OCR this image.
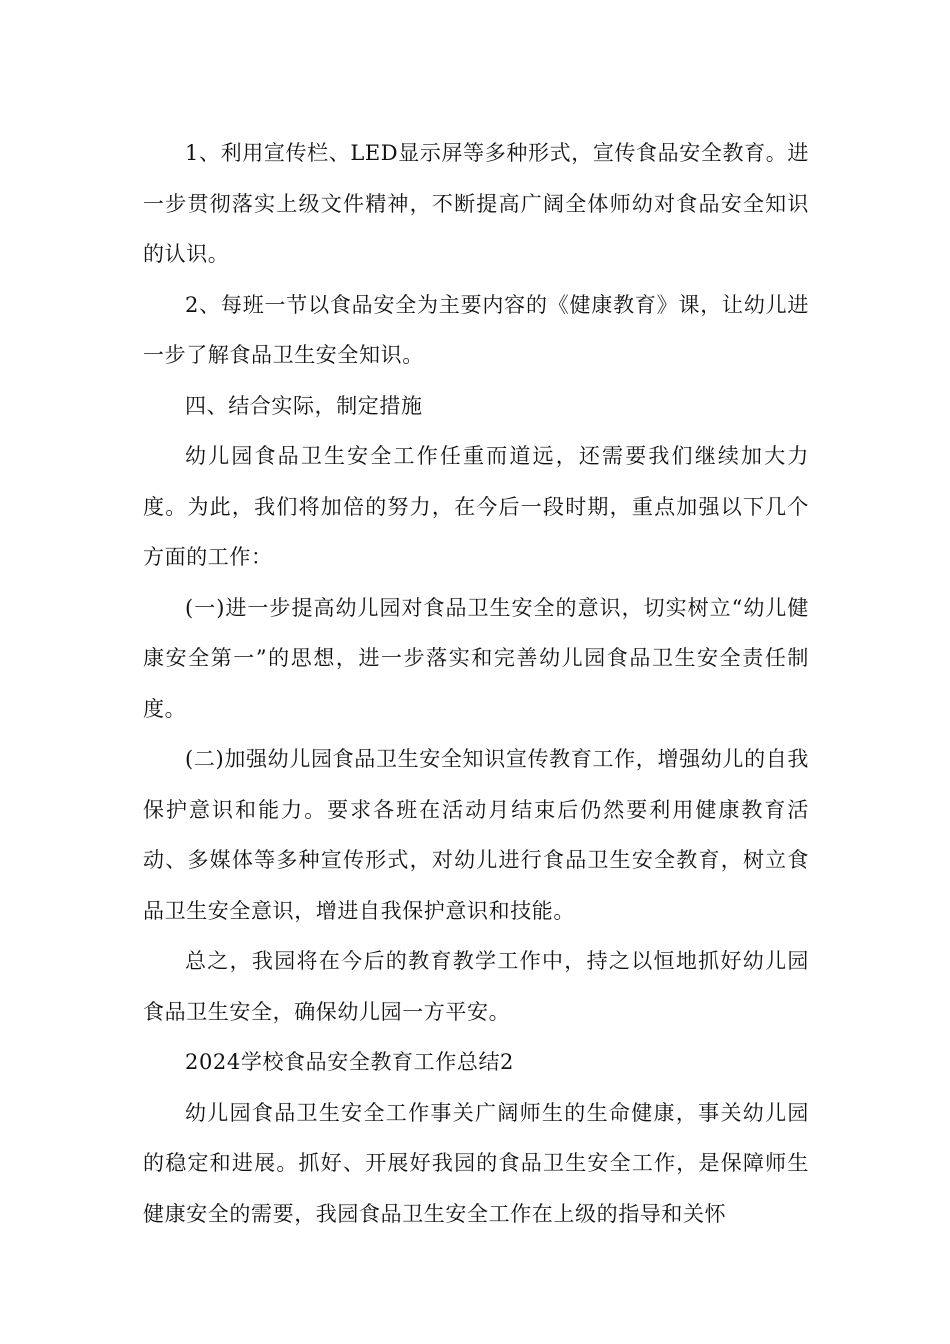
1、利用宣传栏、LED显示屏等多种形式，宣传食品安全教育。进一步贯彻落实上级文件精神，不断提高广阔全体师幼对食品安全知识的认识。

2、每班一节以食品安全为主要内容的《健康教育》课，让幼儿进一步了解食品卫生安全知识。

四、结合实际，制定措施

幼儿园食品卫生安全工作任重而道远，还需要我们继续加大力度。为此，我们将加倍的努力，在今后一段时期，重点加强以下几个方面的工作：

(一)进一步提高幼儿园对食品卫生安全的意识，切实树立“幼儿健康安全第一”的思想，进一步落实和完善幼儿园食品卫生安全责任制度。

(二)加强幼儿园食品卫生安全知识宣传教育工作，增强幼儿的自我保护意识和能力。要求各班在活动月结束后仍然要利用健康教育活动、多媒体等多种宣传形式，对幼儿进行食品卫生安全教育，树立食品卫生安全意识，增进自我保护意识和技能。

总之，我园将在今后的教育教学工作中，持之以恒地抓好幼儿园食品卫生安全，确保幼儿园一方平安。

2024学校食品安全教育工作总结2

幼儿园食品卫生安全工作事关广阔师生的生命健康，事关幼儿园的稳定和进展。抓好、开展好我园的食品卫生安全工作，是保障师生健康安全的需要，我园食品卫生安全工作在上级的指导和关怀
